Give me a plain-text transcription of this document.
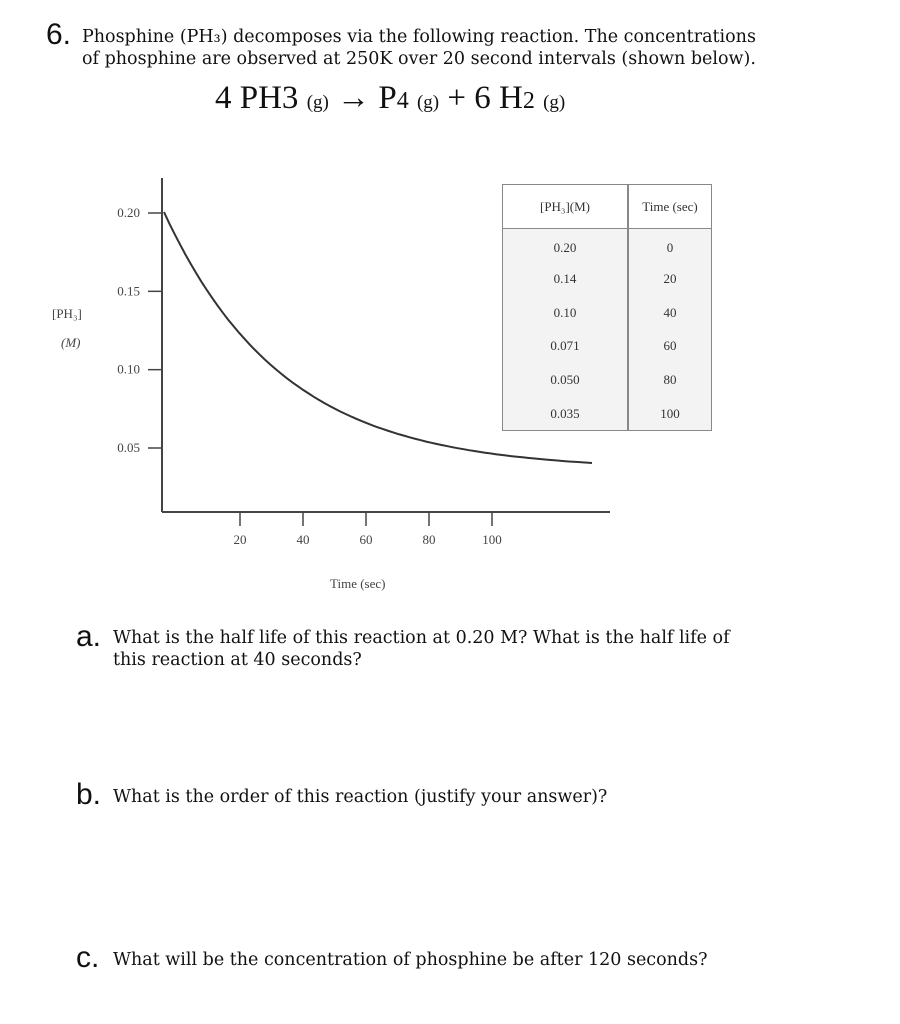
6. Phosphine (PH₃) decomposes via the following reaction. The concentrations
of phosphine are observed at 250K over 20 second intervals (shown below).
4 PH3 (g) → P4 (g) + 6 H2 (g)
0.20
0.15
0.10
0.05
20	40	60	80	100
[PH₃]
(M)
Time (sec)
[PH₃](M)	Time (sec)
0.20	0
0.14	20
0.10	40
0.071	60
0.050	80
0.035	100
a. What is the half life of this reaction at 0.20 M? What is the half life of
this reaction at 40 seconds?
b. What is the order of this reaction (justify your answer)?
c. What will be the concentration of phosphine be after 120 seconds?
